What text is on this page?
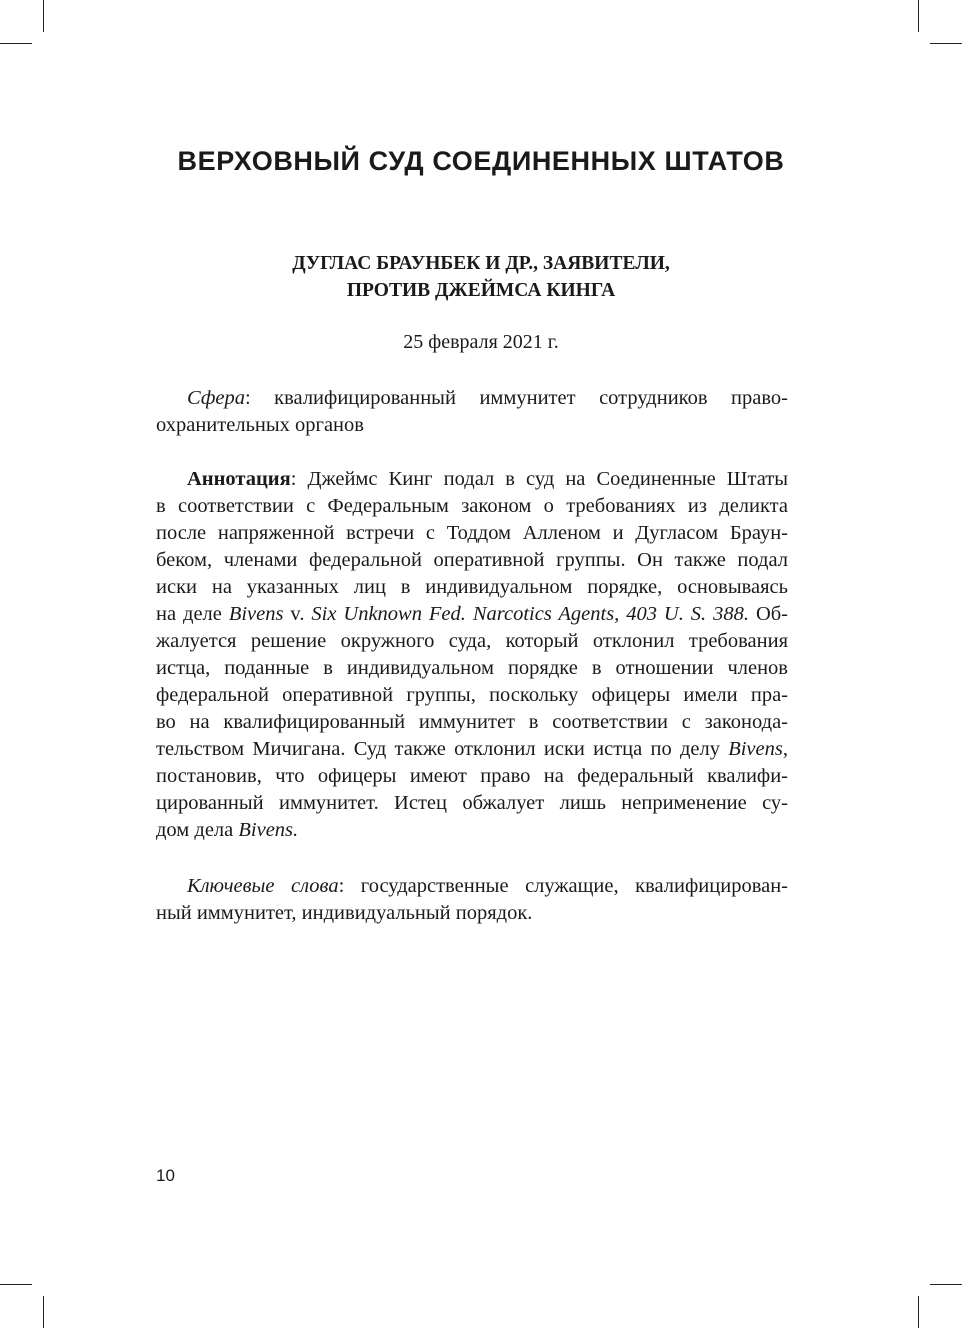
ВЕРХОВНЫЙ СУД СОЕДИНЕННЫХ ШТАТОВ
ДУГЛАС БРАУНБЕК И ДР., ЗАЯВИТЕЛИ,
ПРОТИВ ДЖЕЙМСА КИНГА

25 февраля 2021 г.

Сфера: квалифицированный иммунитет сотрудников право-
охранительных органов

Аннотация: Джеймс Кинг подал в суд на Соединенные Штаты
в соответствии с Федеральным законом о требованиях из деликта
после напряженной встречи с Тоддом Алленом и Дугласом Браун-
беком, членами федеральной оперативной группы. Он также подал
иски на указанных лиц в индивидуальном порядке, основываясь
на деле Bivens v. Six Unknown Fed. Narcotics Agents, 403 U. S. 388. Об-
жалуется решение окружного суда, который отклонил требования
истца, поданные в индивидуальном порядке в отношении членов
федеральной оперативной группы, поскольку офицеры имели пра-
во на квалифицированный иммунитет в соответствии с законода-
тельством Мичигана. Суд также отклонил иски истца по делу Bivens,
постановив, что офицеры имеют право на федеральный квалифи-
цированный иммунитет. Истец обжалует лишь неприменение су-
дом дела Bivens.

Ключевые слова: государственные служащие, квалифицирован-
ный иммунитет, индивидуальный порядок.

10
